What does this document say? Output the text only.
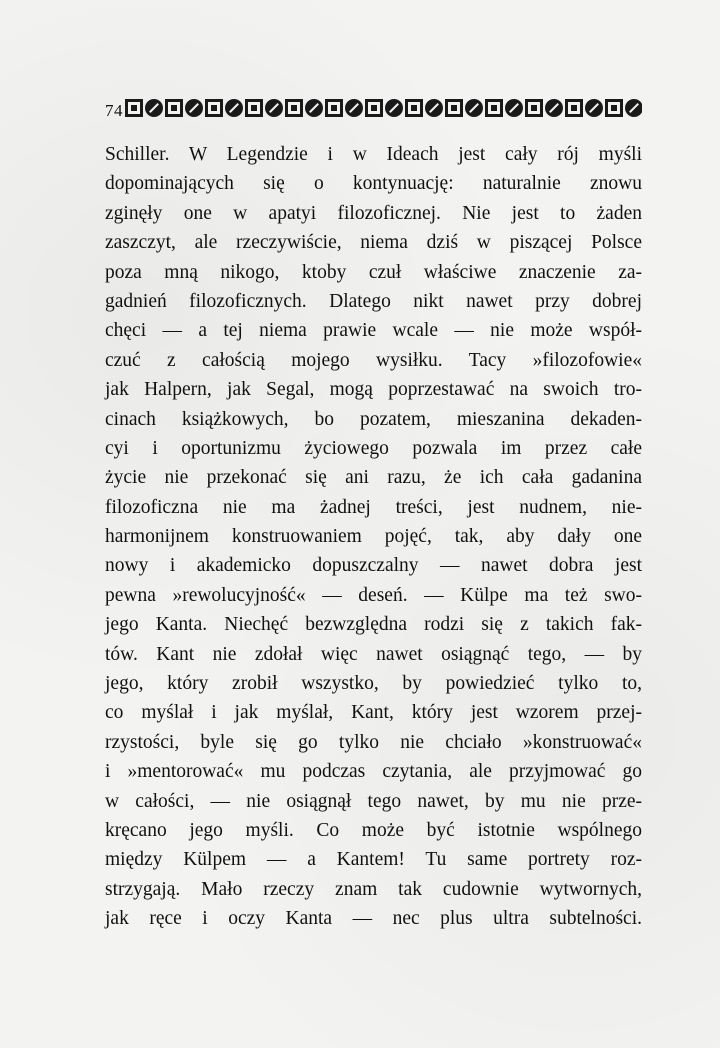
74
Schiller. W Legendzie i w Ideach jest cały rój myśli
dopominających się o kontynuację: naturalnie znowu
zginęły one w apatyi filozoficznej. Nie jest to żaden
zaszczyt, ale rzeczywiście, niema dziś w piszącej Polsce
poza mną nikogo, ktoby czuł właściwe znaczenie za-
gadnień filozoficznych. Dlatego nikt nawet przy dobrej
chęci — a tej niema prawie wcale — nie może współ-
czuć z całością mojego wysiłku. Tacy »filozofowie«
jak Halpern, jak Segal, mogą poprzestawać na swoich tro-
cinach książkowych, bo pozatem, mieszanina dekaden-
cyi i oportunizmu życiowego pozwala im przez całe
życie nie przekonać się ani razu, że ich cała gadanina
filozoficzna nie ma żadnej treści, jest nudnem, nie-
harmonijnem konstruowaniem pojęć, tak, aby dały one
nowy i akademicko dopuszczalny — nawet dobra jest
pewna »rewolucyjność« — deseń. — Külpe ma też swo-
jego Kanta. Niechęć bezwzględna rodzi się z takich fak-
tów. Kant nie zdołał więc nawet osiągnąć tego, — by
jego, który zrobił wszystko, by powiedzieć tylko to,
co myślał i jak myślał, Kant, który jest wzorem przej-
rzystości, byle się go tylko nie chciało »konstruować«
i »mentorować« mu podczas czytania, ale przyjmować go
w całości, — nie osiągnął tego nawet, by mu nie prze-
kręcano jego myśli. Co może być istotnie wspólnego
między Külpem — a Kantem! Tu same portrety roz-
strzygają. Mało rzeczy znam tak cudownie wytwornych,
jak ręce i oczy Kanta — nec plus ultra subtelności.
